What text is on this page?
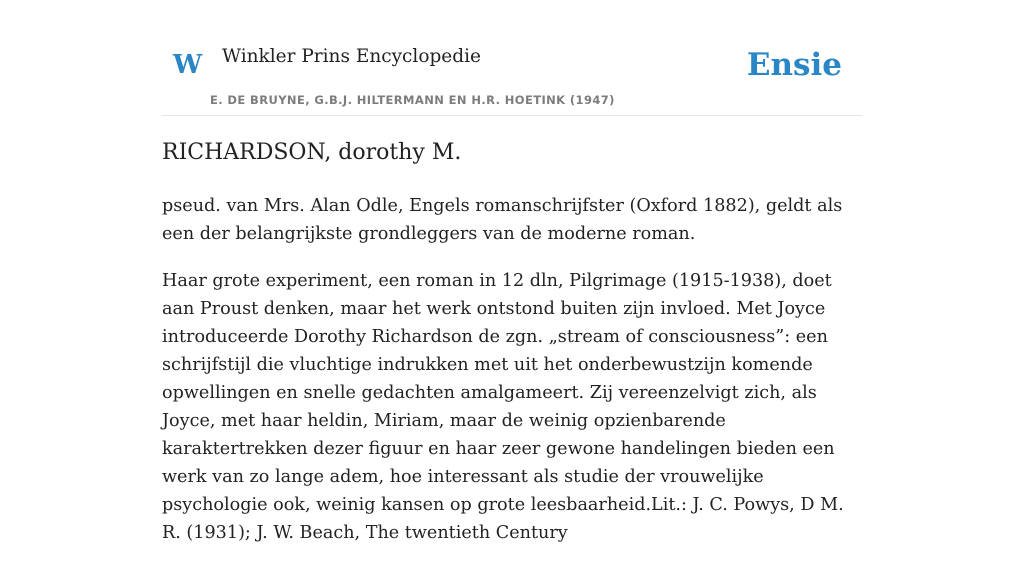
W Winkler Prins Encyclopedie
E. DE BRUYNE, G.B.J. HILTERMANN EN H.R. HOETINK (1947)
Ensie
RICHARDSON, dorothy M.

pseud. van Mrs. Alan Odle, Engels romanschrijfster (Oxford 1882), geldt als een der belangrijkste grondleggers van de moderne roman.

Haar grote experiment, een roman in 12 dln, Pilgrimage (1915-1938), doet aan Proust denken, maar het werk ontstond buiten zijn invloed. Met Joyce introduceerde Dorothy Richardson de zgn. „stream of consciousness”: een schrijfstijl die vluchtige indrukken met uit het onderbewustzijn komende opwellingen en snelle gedachten amalgameert. Zij vereenzelvigt zich, als Joyce, met haar heldin, Miriam, maar de weinig opzienbarende karaktertrekken dezer figuur en haar zeer gewone handelingen bieden een werk van zo lange adem, hoe interessant als studie der vrouwelijke psychologie ook, weinig kansen op grote leesbaarheid.Lit.: J. C. Powys, D M. R. (1931); J. W. Beach, The twentieth Century
